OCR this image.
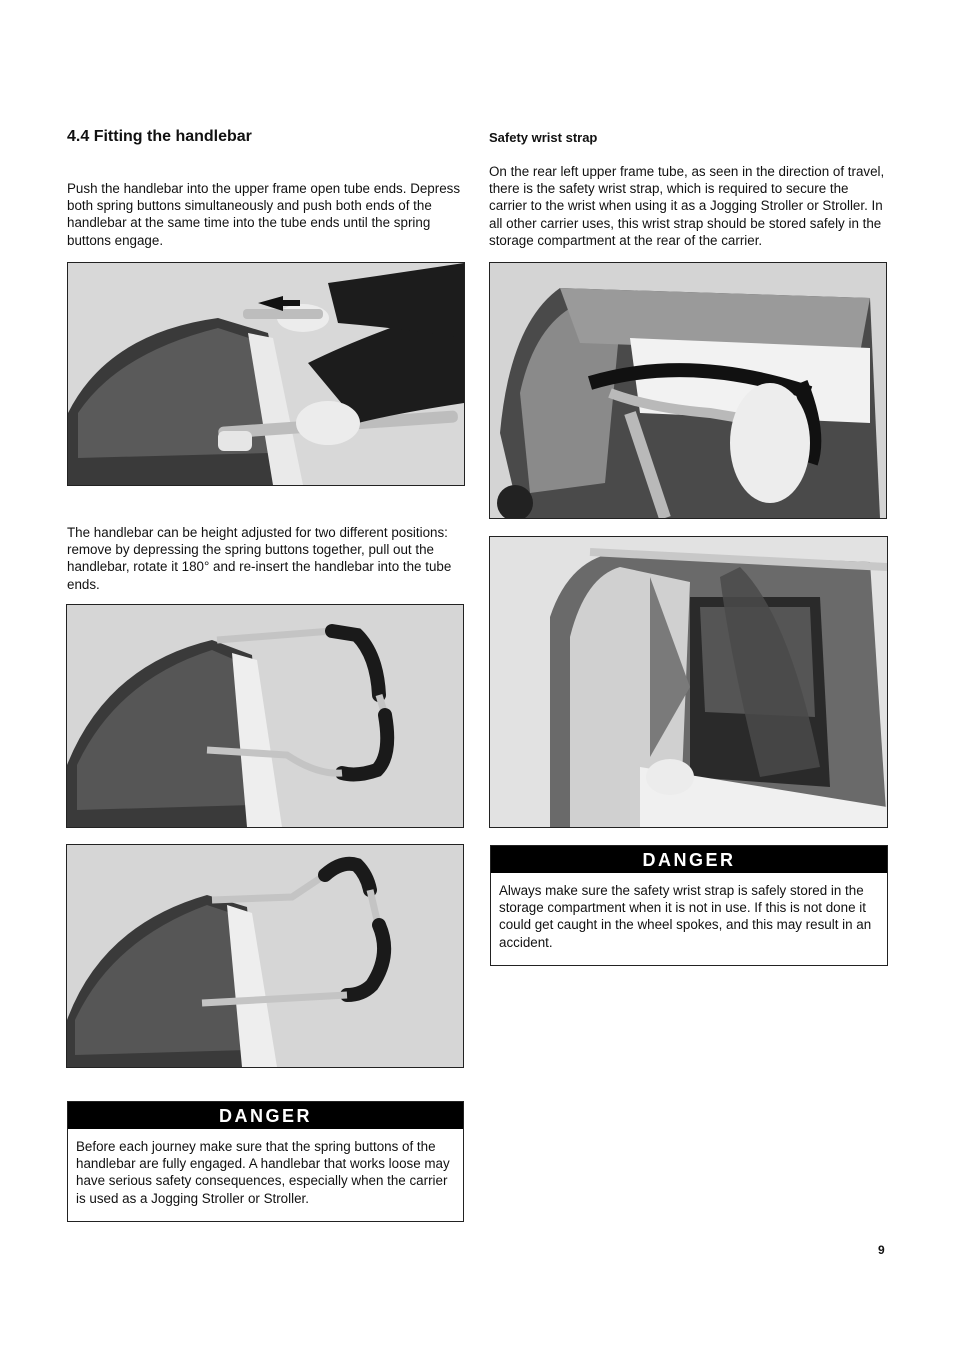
4.4 Fitting the handlebar
Push the handlebar into the upper frame open tube ends. Depress both spring buttons simultaneously and push both ends of the handlebar at the same time into the tube ends until the spring buttons engage.
The handlebar can be height adjusted for two different positions: remove by depressing the spring buttons together, pull out the handlebar, rotate it 180° and re-insert the handlebar into the tube ends.
DANGER
Before each journey make sure that the spring buttons of the handlebar are fully engaged. A handlebar that works loose may have serious safety consequences, especially when the carrier is used as a Jogging Stroller or Stroller.
Safety wrist strap
On the rear left upper frame tube, as seen in the direction of travel, there is the safety wrist strap, which is required to secure the carrier to the wrist when using it as a Jogging Stroller or Stroller. In all other carrier uses, this wrist strap should be stored safely in the storage compartment at the rear of the carrier.
DANGER
Always make sure the safety wrist strap is safely stored in the storage compartment when it is not in use. If this is not done it could get caught in the wheel spokes, and this may result in an accident.
9
